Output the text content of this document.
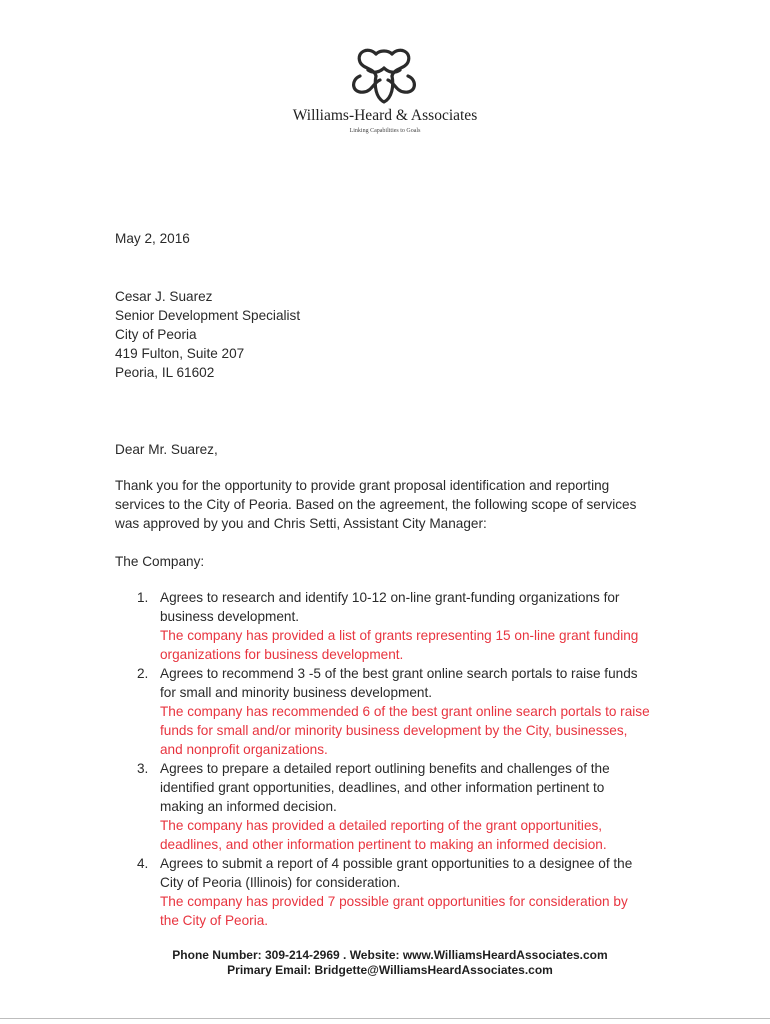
Williams-Heard & Associates
Linking Capabilities to Goals
May 2, 2016
Cesar J. Suarez
Senior Development Specialist
City of Peoria
419 Fulton, Suite 207
Peoria, IL 61602
Dear Mr. Suarez,
Thank you for the opportunity to provide grant proposal identification and reporting
services to the City of Peoria. Based on the agreement, the following scope of services
was approved by you and Chris Setti, Assistant City Manager:
The Company:
1. Agrees to research and identify 10-12 on-line grant-funding organizations for
business development.
The company has provided a list of grants representing 15 on-line grant funding
organizations for business development.
2. Agrees to recommend 3 -5 of the best grant online search portals to raise funds
for small and minority business development.
The company has recommended 6 of the best grant online search portals to raise
funds for small and/or minority business development by the City, businesses,
and nonprofit organizations.
3. Agrees to prepare a detailed report outlining benefits and challenges of the
identified grant opportunities, deadlines, and other information pertinent to
making an informed decision.
The company has provided a detailed reporting of the grant opportunities,
deadlines, and other information pertinent to making an informed decision.
4. Agrees to submit a report of 4 possible grant opportunities to a designee of the
City of Peoria (Illinois) for consideration.
The company has provided 7 possible grant opportunities for consideration by
the City of Peoria.
Phone Number: 309-214-2969 . Website: www.WilliamsHeardAssociates.com
Primary Email: Bridgette@WilliamsHeardAssociates.com
